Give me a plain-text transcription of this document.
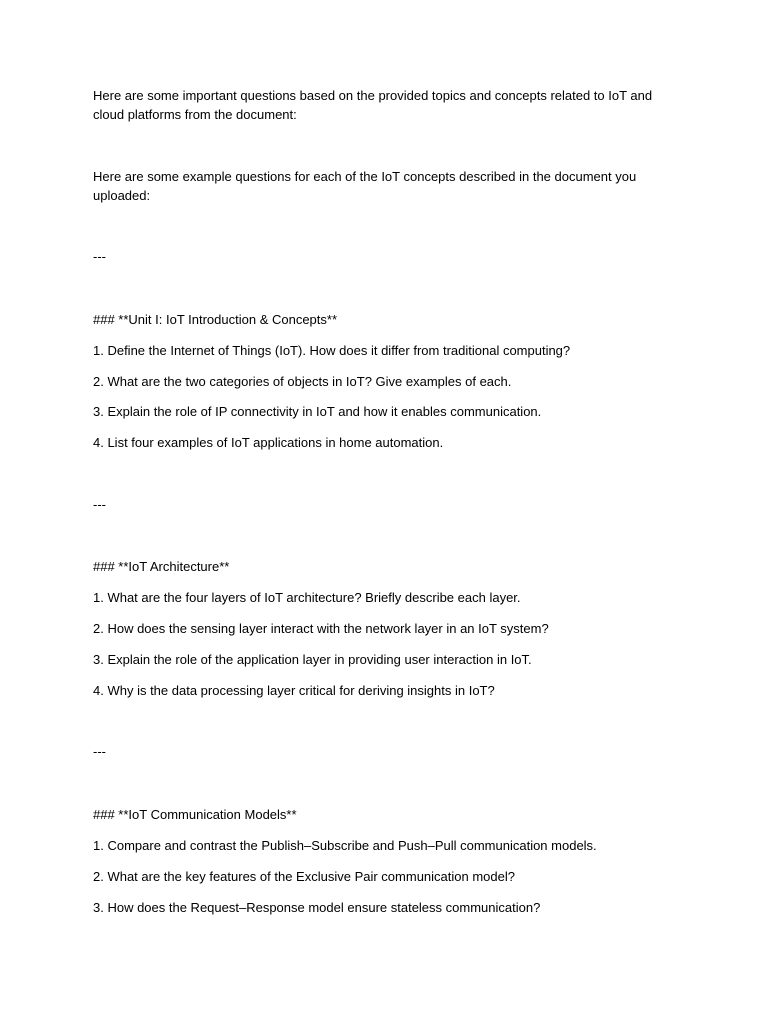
Here are some important questions based on the provided topics and concepts related to IoT and cloud platforms from the document:
Here are some example questions for each of the IoT concepts described in the document you uploaded:
---
### **Unit I: IoT Introduction & Concepts**
1. Define the Internet of Things (IoT). How does it differ from traditional computing?
2. What are the two categories of objects in IoT? Give examples of each.
3. Explain the role of IP connectivity in IoT and how it enables communication.
4. List four examples of IoT applications in home automation.
---
### **IoT Architecture**
1. What are the four layers of IoT architecture? Briefly describe each layer.
2. How does the sensing layer interact with the network layer in an IoT system?
3. Explain the role of the application layer in providing user interaction in IoT.
4. Why is the data processing layer critical for deriving insights in IoT?
---
### **IoT Communication Models**
1. Compare and contrast the Publish–Subscribe and Push–Pull communication models.
2. What are the key features of the Exclusive Pair communication model?
3. How does the Request–Response model ensure stateless communication?
